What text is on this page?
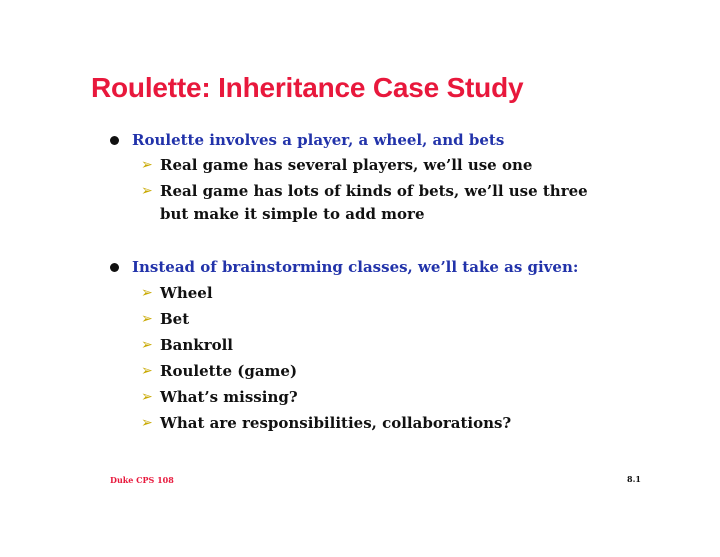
Roulette: Inheritance Case Study
Roulette involves a player, a wheel, and bets
➢ Real game has several players, we’ll use one
➢ Real game has lots of kinds of bets, we’ll use three but make it simple to add more
Instead of brainstorming classes, we’ll take as given:
➢ Wheel
➢ Bet
➢ Bankroll
➢ Roulette (game)
➢ What’s missing?
➢ What are responsibilities, collaborations?
Duke CPS 108	8.1
